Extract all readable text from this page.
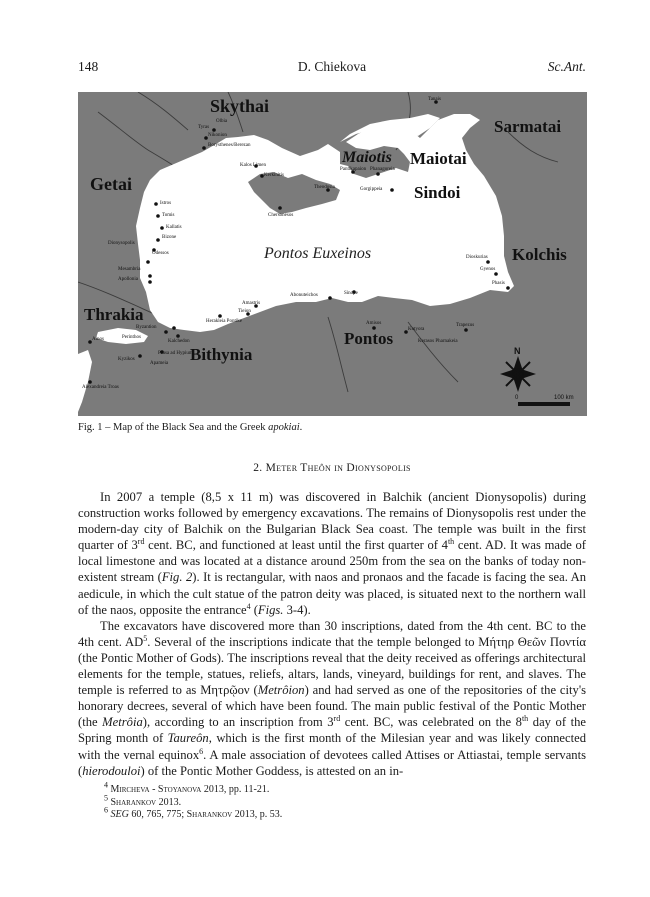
148	D. Chiekova	Sc.Ant.
Skythai
Sarmatai
Maiotis Maiotai
Getai	Sindoi
Pontos Euxeinos	Kolchis
Thrakia
Bithynia
Pontos
Tyras
Nikonion
Borysthenes/Berezan
Olbia
Kalos Limen
Kerkinitis
Chersonesos
Pantikapaion Phanagoreia
Theodosia	Gorgippeia
Istros
Tomis
Kallatis
Bizone
Dionysopolis
Odessos
Mesambria
Apollonia
Dioskurias
Gyenos
Phasis
Sinope
Abonuteichos
Amastris
Tieion
Herakleia Pontike
Byzantion
Perinthos
Kalchedon
Prusa ad Hypium
Apameia
Kyzikos
Amisos
Kotyora
Trapezus
Kerasos Pharnakeia
Ainos
Alexandreia Troas
Tanais
N
0	100 km
Fig. 1 – Map of the Black Sea and the Greek apokiai.
2. Meter Theôn in Dionysopolis

In 2007 a temple (8,5 x 11 m) was discovered in Balchik (ancient Dionysopolis) during construction works followed by emergency excavations. The remains of Dionysopolis rest under the modern-day city of Balchik on the Bulgarian Black Sea coast. The temple was built in the first quarter of 3rd cent. BC, and functioned at least until the first quarter of 4th cent. AD. It was made of local limestone and was located at a distance around 250m from the sea on the banks of today non-existent stream (Fig. 2). It is rectangular, with naos and pronaos and the facade is facing the sea. An aedicule, in which the cult statue of the patron deity was placed, is situated next to the northern wall of the naos, opposite the entrance$^4$ (Figs. 3-4).

The excavators have discovered more than 30 inscriptions, dated from the 4th cent. BC to the 4th cent. $AD^5$. Several of the inscriptions indicate that the temple belonged to Μήτηρ Θεῶν Ποντία (the Pontic Mother of Gods). The inscriptions reveal that the deity received as offerings architectural elements for the temple, statues, reliefs, altars, lands, vineyard, buildings for rent, and slaves. The temple is referred to as Μητρῷον (Metrôion) and had served as one of the repositories of the city's honorary decrees, several of which have been found. The main public festival of the Pontic Mother (the Metrôia), according to an inscription from 3rd cent. BC, was celebrated on the 8th day of the Spring month of Taureôn, which is the first month of the Milesian year and was likely connected with the vernal equinox$^6$. A male association of devotees called Attises or Attiastai, temple servants (hierodouloi) of the Pontic Mother Goddess, is attested on an in-

$^4$ Mircheva - Stoyanova 2013, pp. 11-21.
$^5$ Sharankov 2013.
$^6$ SEG 60, 765, 775; Sharankov 2013, p. 53.
